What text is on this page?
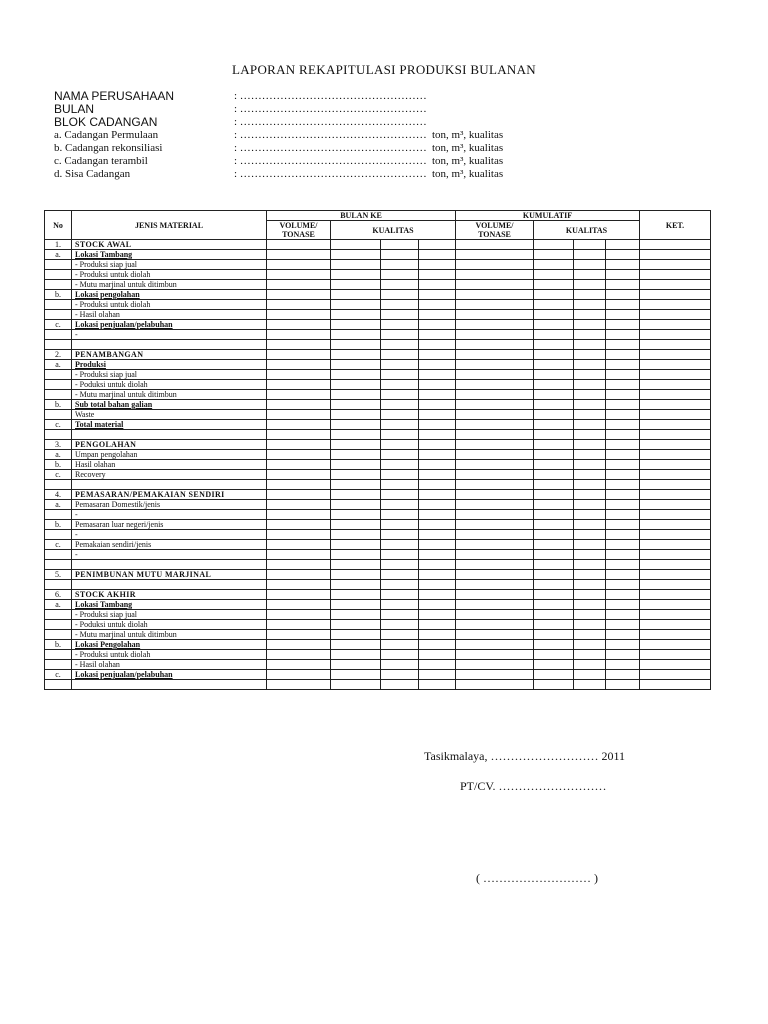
LAPORAN REKAPITULASI PRODUKSI BULANAN
NAMA PERUSAHAAN	: ……………………………………………
BULAN	: ……………………………………………
BLOK CADANGAN	: ……………………………………………
a. Cadangan Permulaan	: …………………………………………… ton, m³, kualitas
b. Cadangan rekonsiliasi	: …………………………………………… ton, m³, kualitas
c. Cadangan terambil	: …………………………………………… ton, m³, kualitas
d. Sisa Cadangan	: …………………………………………… ton, m³, kualitas
No	JENIS MATERIAL	BULAN KE				KUMULATIF				KET.
		VOLUME/ TONASE	KUALITAS			VOLUME/ TONASE	KUALITAS			
1.	STOCK AWAL									
a.	Lokasi Tambang									
	- Produksi siap jual									
	- Produksi untuk diolah									
	- Mutu marjinal untuk ditimbun									
b.	Lokasi pengolahan									
	- Produksi untuk diolah									
	- Hasil olahan									
c.	Lokasi penjualan/pelabuhan									
	-									

2.	PENAMBANGAN									
a.	Produksi									
	- Produksi siap jual									
	- Poduksi untuk diolah									
	- Mutu marjinal untuk ditimbun									
b.	Sub total bahan galian									
	Waste									
c.	Total material									

3.	PENGOLAHAN									
a.	Umpan pengolahan									
b.	Hasil olahan									
c.	Recovery									

4.	PEMASARAN/PEMAKAIAN SENDIRI									
a.	Pemasaran Domestik/jenis									
	-									
b.	Pemasaran luar negeri/jenis									
	-									
c.	Pemakaian sendiri/jenis									
	-									

5.	PENIMBUNAN MUTU MARJINAL									

6.	STOCK AKHIR									
a.	Lokasi Tambang									
	- Produksi siap jual									
	- Poduksi untuk diolah									
	- Mutu marjinal untuk ditimbun									
b.	Lokasi Pengolahan									
	- Produksi untuk diolah									
	- Hasil olahan									
c.	Lokasi penjualan/pelabuhan									

Tasikmalaya, ……………………… 2011
PT/CV. ………………………
( ……………………… )
